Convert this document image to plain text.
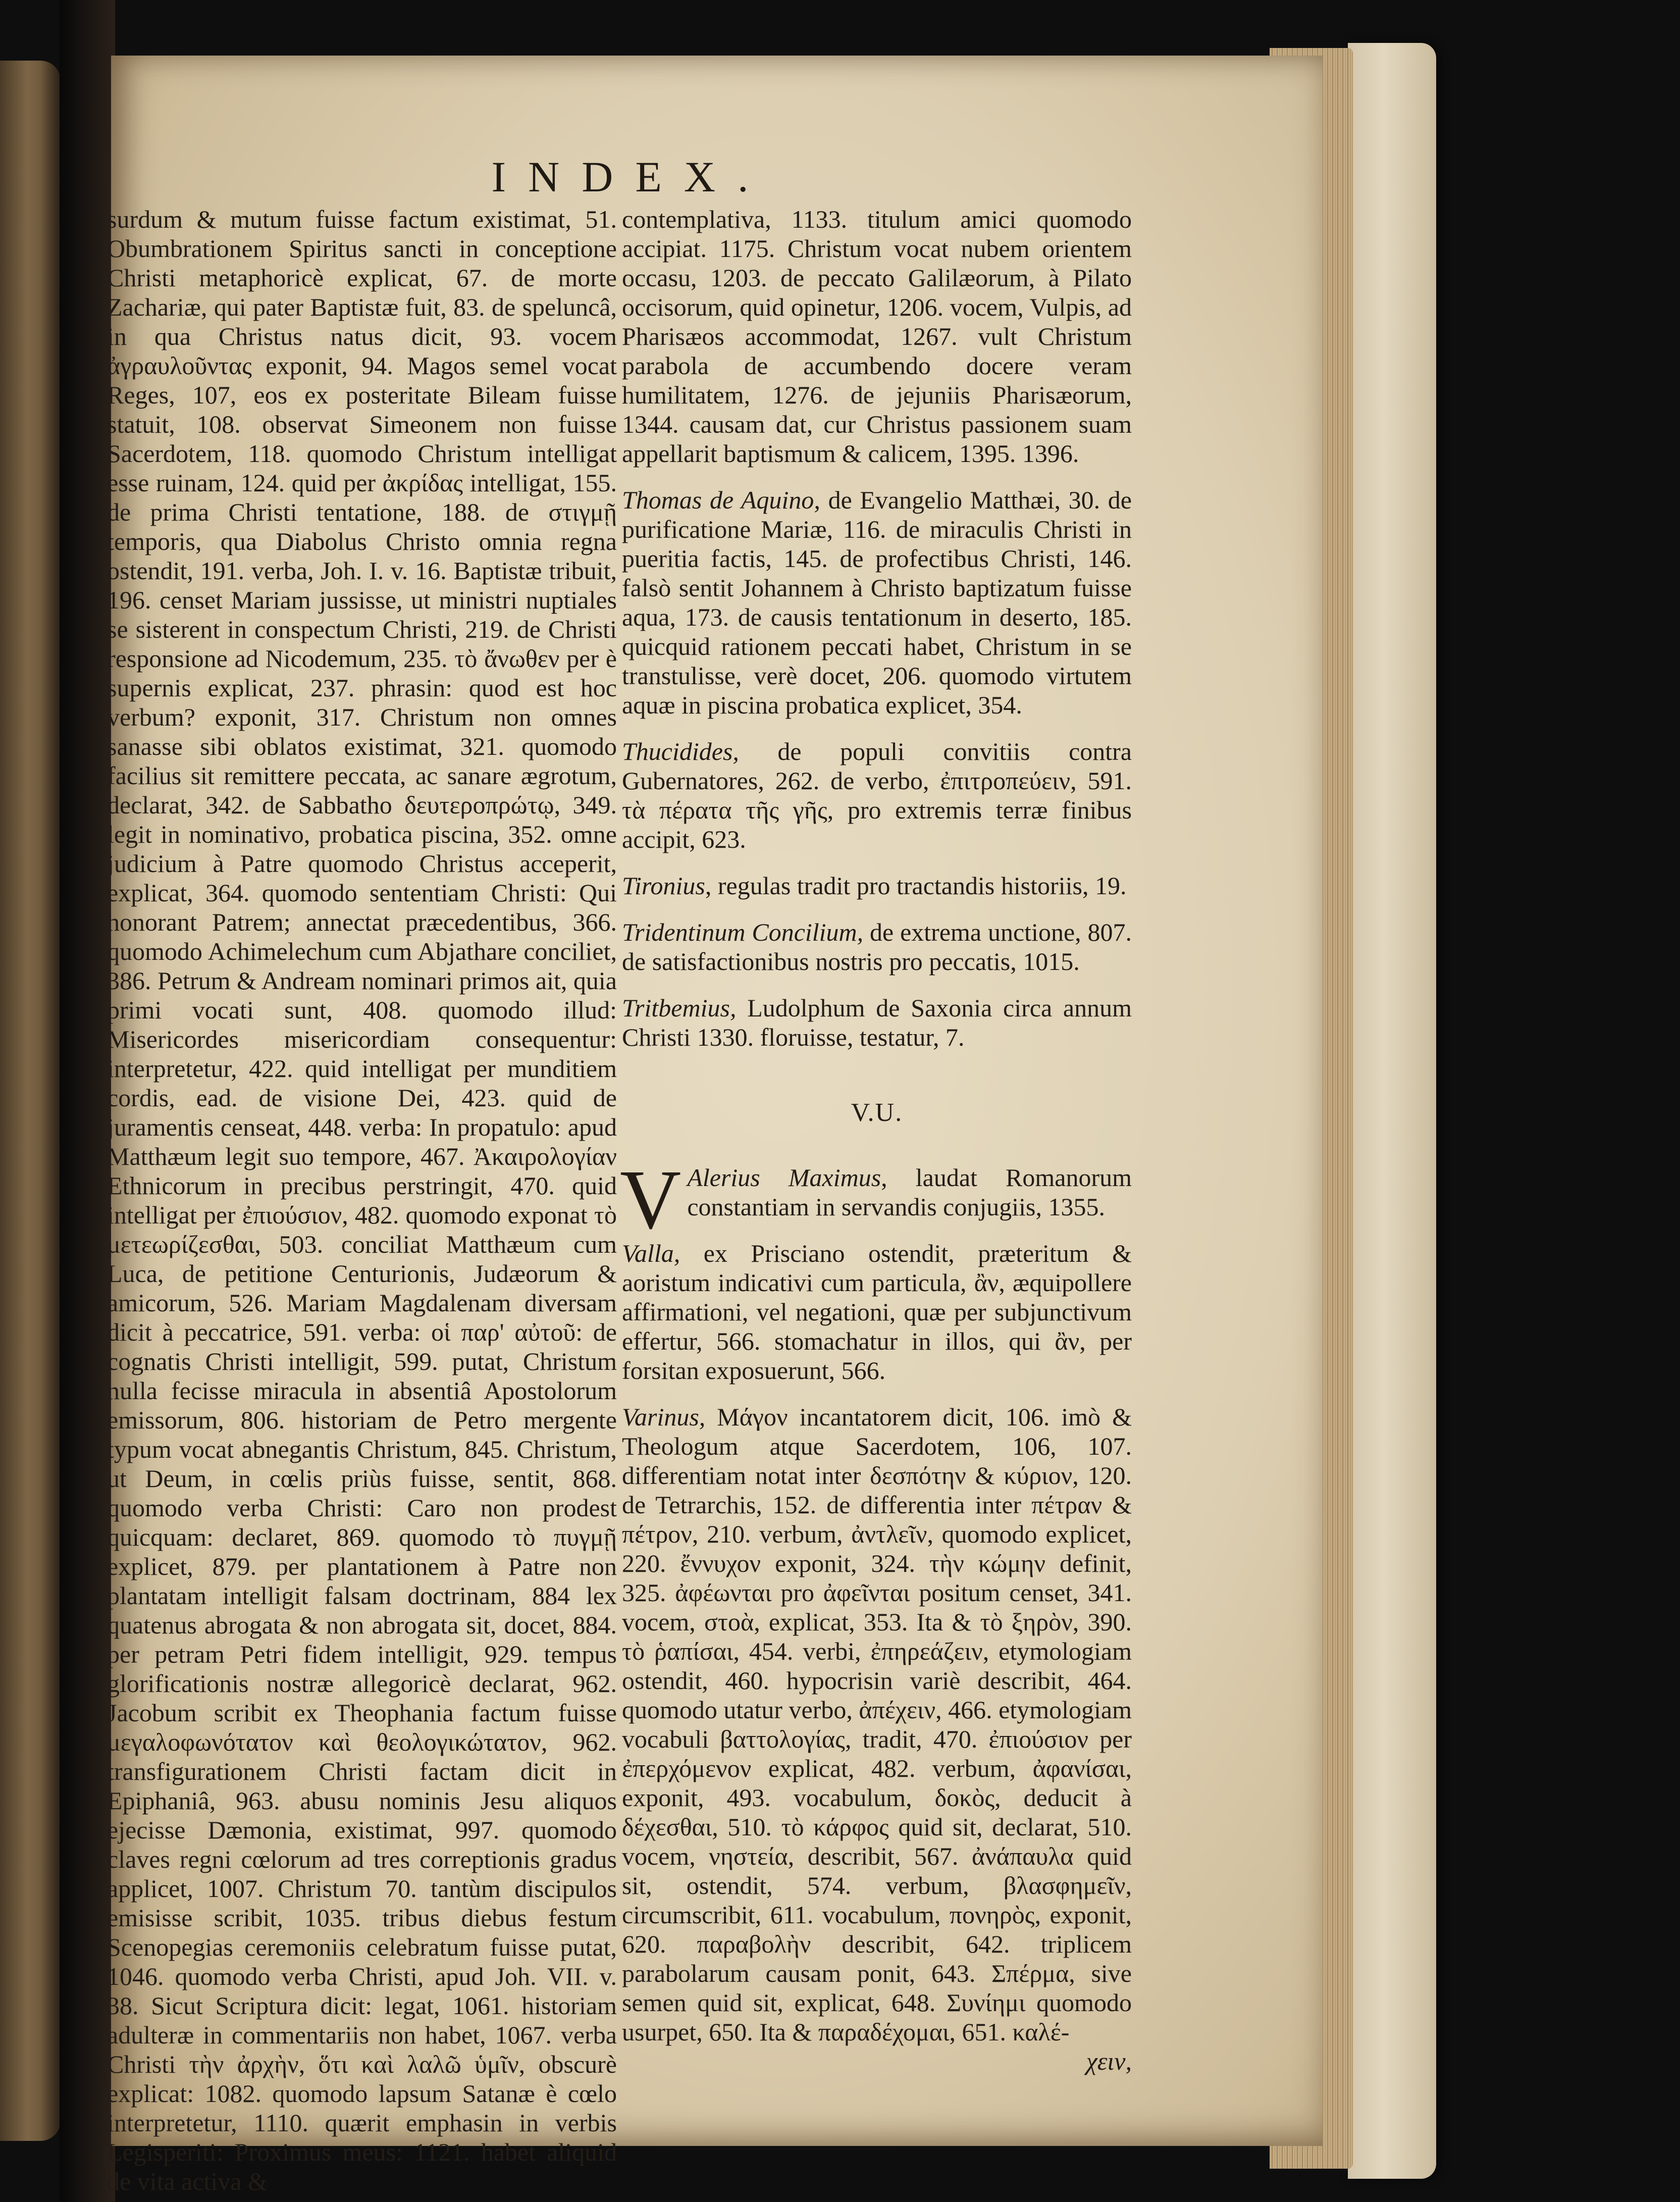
INDEX.

surdum & mutum fuisse factum existimat, 51. Obumbrationem Spiritus sancti in conceptione Christi metaphoricè explicat, 67. de morte Zachariæ, qui pater Baptistæ fuit, 83. de speluncâ, in qua Christus natus dicit, 93. vocem ἀγραυλοῦντας exponit, 94. Magos semel vocat Reges, 107, eos ex posteritate Bileam fuisse statuit, 108. observat Simeonem non fuisse Sacerdotem, 118. quomodo Christum intelligat esse ruinam, 124. quid per ἀκρίδας intelligat, 155. de prima Christi tentatione, 188. de στιγμῇ temporis, qua Diabolus Christo omnia regna ostendit, 191. verba, Joh. I. v. 16. Baptistæ tribuit, 196. censet Mariam jussisse, ut ministri nuptiales se sisterent in conspectum Christi, 219. de Christi responsione ad Nicodemum, 235. τὸ ἄνωθεν per è supernis explicat, 237. phrasin: quod est hoc verbum? exponit, 317. Christum non omnes sanasse sibi oblatos existimat, 321. quomodo facilius sit remittere peccata, ac sanare ægrotum, declarat, 342. de Sabbatho δευτεροπρώτῳ, 349. legit in nominativo, probatica piscina, 352. omne judicium à Patre quomodo Christus acceperit, explicat, 364. quomodo sententiam Christi: Qui honorant Patrem; annectat præcedentibus, 366. quomodo Achimelechum cum Abjathare conciliet, 386. Petrum & Andream nominari primos ait, quia primi vocati sunt, 408. quomodo illud: Misericordes misericordiam consequentur: interpretetur, 422. quid intelligat per munditiem cordis, ead. de visione Dei, 423. quid de juramentis censeat, 448. verba: In propatulo: apud Matthæum legit suo tempore, 467. Ἀκαιρολογίαν Ethnicorum in precibus perstringit, 470. quid intelligat per ἐπιούσιον, 482. quomodo exponat τὸ μετεωρίζεσθαι, 503. conciliat Matthæum cum Luca, de petitione Centurionis, Judæorum & amicorum, 526. Mariam Magdalenam diversam dicit à peccatrice, 591. verba: οἱ παρ' αὐτοῦ: de cognatis Christi intelligit, 599. putat, Christum nulla fecisse miracula in absentiâ Apostolorum emissorum, 806. historiam de Petro mergente typum vocat abnegantis Christum, 845. Christum, ut Deum, in cœlis priùs fuisse, sentit, 868. quomodo verba Christi: Caro non prodest quicquam: declaret, 869. quomodo τὸ πυγμῇ explicet, 879. per plantationem à Patre non plantatam intelligit falsam doctrinam, 884 lex quatenus abrogata & non abrogata sit, docet, 884. per petram Petri fidem intelligit, 929. tempus glorificationis nostræ allegoricè declarat, 962. Jacobum scribit ex Theophania factum fuisse μεγαλοφωνότατον καὶ θεολογικώτατον, 962. transfigurationem Christi factam dicit in Epiphaniâ, 963. abusu nominis Jesu aliquos ejecisse Dæmonia, existimat, 997. quomodo claves regni cœlorum ad tres correptionis gradus applicet, 1007. Christum 70. tantùm discipulos emisisse scribit, 1035. tribus diebus festum Scenopegias ceremoniis celebratum fuisse putat, 1046. quomodo verba Christi, apud Joh. VII. v. 38. Sicut Scriptura dicit: legat, 1061. historiam adulteræ in commentariis non habet, 1067. verba Christi τὴν ἀρχὴν, ὅτι καὶ λαλῶ ὑμῖν, obscurè explicat: 1082. quomodo lapsum Satanæ è cœlo interpretetur, 1110. quærit emphasin in verbis Legisperiti: Proximus meus: 1121. habet aliquid de vita activa &

contemplativa, 1133. titulum amici quomodo accipiat. 1175. Christum vocat nubem orientem occasu, 1203. de peccato Galilæorum, à Pilato occisorum, quid opinetur, 1206. vocem, Vulpis, ad Pharisæos accommodat, 1267. vult Christum parabola de accumbendo docere veram humilitatem, 1276. de jejuniis Pharisæorum, 1344. causam dat, cur Christus passionem suam appellarit baptismum & calicem, 1395. 1396.

Thomas de Aquino, de Evangelio Matthæi, 30. de purificatione Mariæ, 116. de miraculis Christi in pueritia factis, 145. de profectibus Christi, 146. falsò sentit Johannem à Christo baptizatum fuisse aqua, 173. de causis tentationum in deserto, 185. quicquid rationem peccati habet, Christum in se transtulisse, verè docet, 206. quomodo virtutem aquæ in piscina probatica explicet, 354.

Thucidides, de populi convitiis contra Gubernatores, 262. de verbo, ἐπιτροπεύειν, 591. τὰ πέρατα τῆς γῆς, pro extremis terræ finibus accipit, 623.

Tironius, regulas tradit pro tractandis historiis, 19.

Tridentinum Concilium, de extrema unctione, 807. de satisfactionibus nostris pro peccatis, 1015.

Tritbemius, Ludolphum de Saxonia circa annum Christi 1330. floruisse, testatur, 7.

V.U.

V Alerius Maximus, laudat Romanorum constantiam in servandis conjugiis, 1355.

Valla, ex Prisciano ostendit, præteritum & aoristum indicativi cum particula, ἂν, æquipollere affirmationi, vel negationi, quæ per subjunctivum effertur, 566. stomachatur in illos, qui ἂν, per forsitan exposuerunt, 566.

Varinus, Μάγον incantatorem dicit, 106. imò & Theologum atque Sacerdotem, 106, 107. differentiam notat inter δεσπότην & κύριον, 120. de Tetrarchis, 152. de differentia inter πέτραν & πέτρον, 210. verbum, ἀντλεῖν, quomodo explicet, 220. ἔννυχον exponit, 324. τὴν κώμην definit, 325. ἀφέωνται pro ἀφεῖνται positum censet, 341. vocem, στοὰ, explicat, 353. Ita & τὸ ξηρὸν, 390. τὸ ῥαπίσαι, 454. verbi, ἐπηρεάζειν, etymologiam ostendit, 460. hypocrisin variè describit, 464. quomodo utatur verbo, ἀπέχειν, 466. etymologiam vocabuli βαττολογίας, tradit, 470. ἐπιούσιον per ἐπερχόμενον explicat, 482. verbum, ἀφανίσαι, exponit, 493. vocabulum, δοκὸς, deducit à δέχεσθαι, 510. τὸ κάρφος quid sit, declarat, 510. vocem, νηστεία, describit, 567. ἀνάπαυλα quid sit, ostendit, 574. verbum, βλασφημεῖν, circumscribit, 611. vocabulum, πονηρὸς, exponit, 620. παραβολὴν describit, 642. triplicem parabolarum causam ponit, 643. Σπέρμα, sive semen quid sit, explicat, 648. Συνίημι quomodo usurpet, 650. Ita & παραδέχομαι, 651. καλέ-

χειν,
